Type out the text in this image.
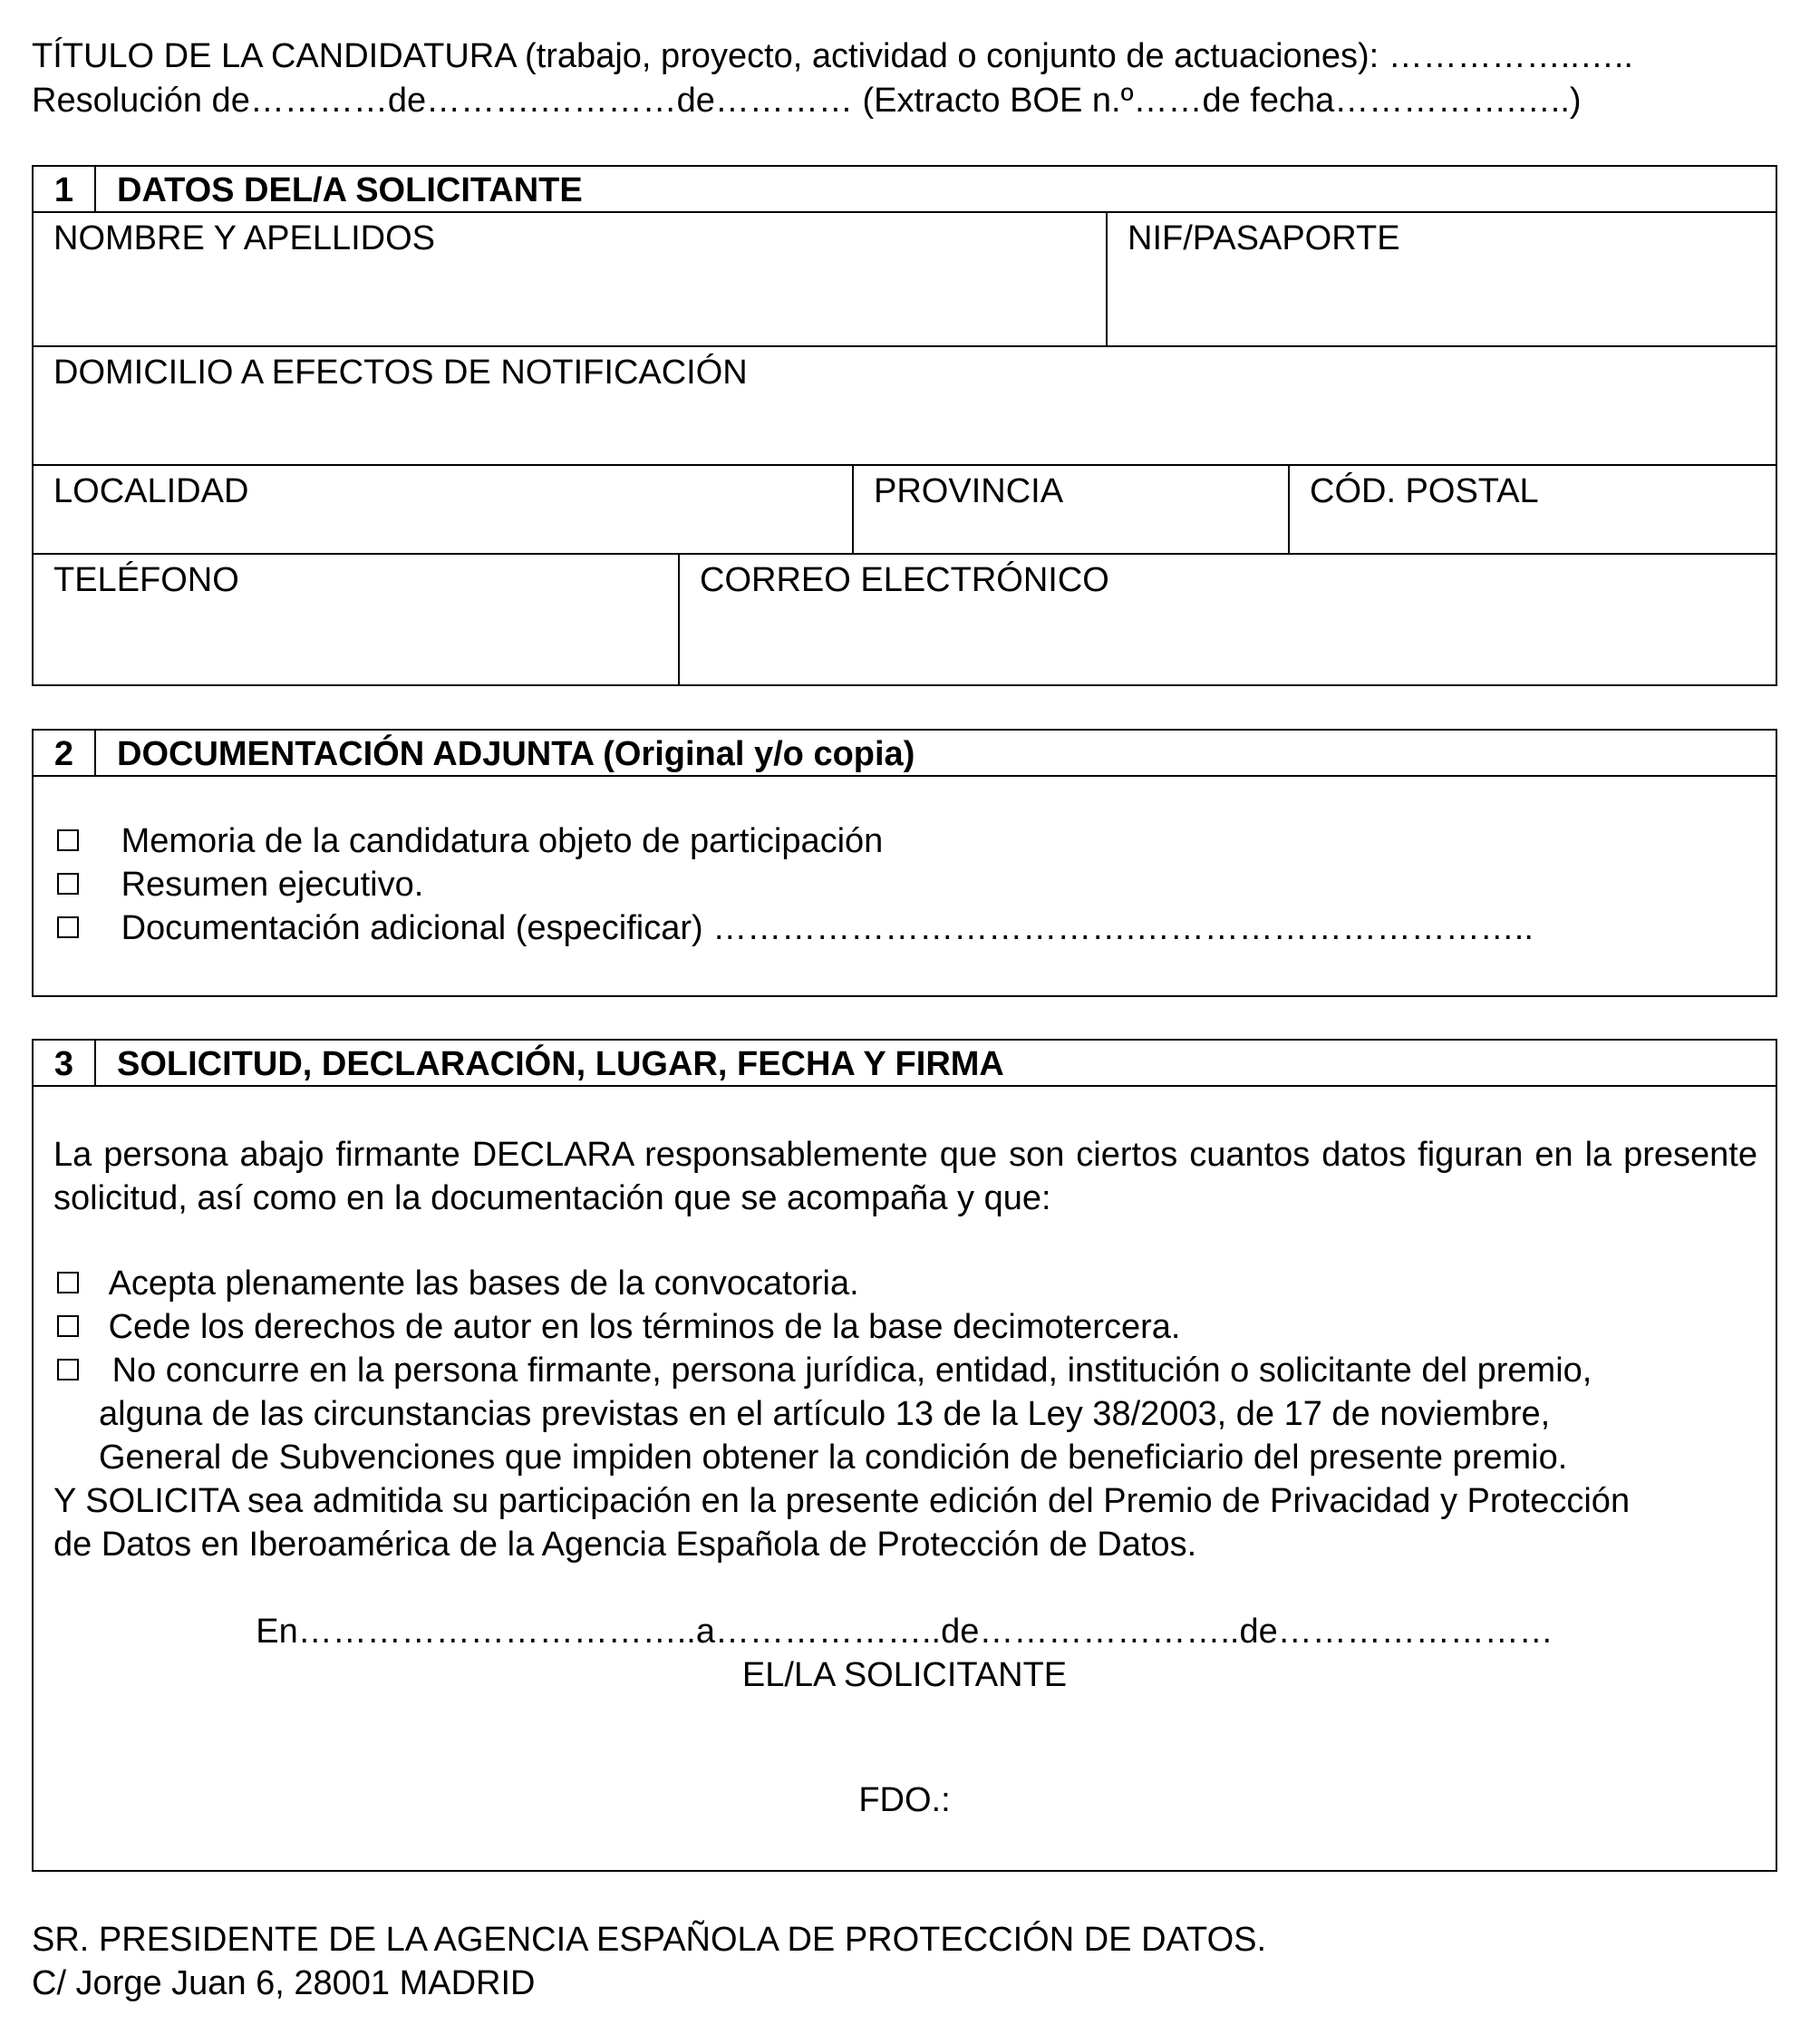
TÍTULO DE LA CANDIDATURA (trabajo, proyecto, actividad o conjunto de actuaciones): ……………..…..
Resolución de…………de……….…………de………… (Extracto BOE n.º……de fecha…………….…..)
1	DATOS DEL/A SOLICITANTE
NOMBRE Y APELLIDOS	NIF/PASAPORTE
DOMICILIO A EFECTOS DE NOTIFICACIÓN
LOCALIDAD	PROVINCIA	CÓD. POSTAL
TELÉFONO	CORREO ELECTRÓNICO
2	DOCUMENTACIÓN ADJUNTA (Original y/o copia)
Memoria de la candidatura objeto de participación
Resumen ejecutivo.
Documentación adicional (especificar) ……………………………….……………………………..
3	SOLICITUD, DECLARACIÓN, LUGAR, FECHA Y FIRMA
La persona abajo firmante DECLARA responsablemente que son ciertos cuantos datos figuran en la presente solicitud, así como en la documentación que se acompaña y que:
Acepta plenamente las bases de la convocatoria.
Cede los derechos de autor en los términos de la base decimotercera.
No concurre en la persona firmante, persona jurídica, entidad, institución o solicitante del premio,
alguna de las circunstancias previstas en el artículo 13 de la Ley 38/2003, de 17 de noviembre,
General de Subvenciones que impiden obtener la condición de beneficiario del presente premio.
Y SOLICITA sea admitida su participación en la presente edición del Premio de Privacidad y Protección
de Datos en Iberoamérica de la Agencia Española de Protección de Datos.
En……………………………..a………………..de…………………..de……………………
EL/LA SOLICITANTE
FDO.:
SR. PRESIDENTE DE LA AGENCIA ESPAÑOLA DE PROTECCIÓN DE DATOS.
C/ Jorge Juan 6, 28001 MADRID
